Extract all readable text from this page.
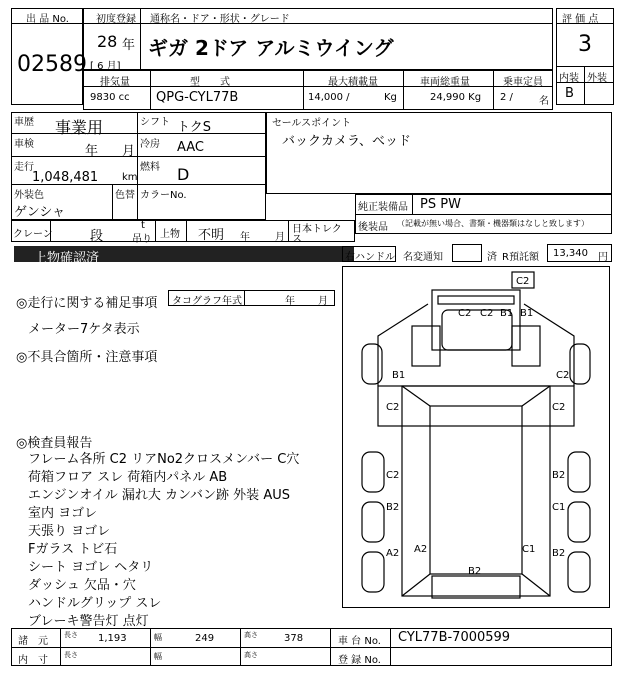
出 品 No.
02589
初度登録 通称名・ドア・形状・グレード
28 年
[ 6 月]
ギガ 2ドア アルミウイング
評 価 点
3
内装 外装
B
排気量
9830 cc
型　　式
QPG-CYL77B
最大積載量
14,000 /	Kg
車両総重量
24,990 Kg
乗車定員
2 /	名
車歴 事業用	シフト トクS
車検	年 月 冷房 AAC
走行
1,048,481 km
燃料 D
外装色
ゲンシャ
色替 カラーNo.
セールスポイント
バックカメラ、ベッド
純正装備品 PS PW
後装品 （記載が無い場合、書類・機器類はなしと致します）
クレーン	段
t
吊り 上物 不明 年	月
日本トレク
ス
上物確認済	右ハンドル 名変通知	済 R預託額 13,340 円
◎走行に関する補足事項 タコグラフ年式	年 月
メーター7ケタ表示
◎不具合箇所・注意事項
◎検査員報告
フレーム各所 C2 リアNo2クロスメンバー C穴
荷箱フロア スレ 荷箱内パネル AB
エンジンオイル 漏れ大 カンバン跡 外装 AUS
室内 ヨゴレ
天張り ヨゴレ
Fガラス トビ石
シート ヨゴレ ヘタリ
ダッシュ 欠品・穴
ハンドルグリップ スレ
ブレーキ警告灯 点灯
C2
C2 C2 B1 B1
B1	C2
C2	C2
C2	B2
B2	C1
A2 A2	C1 B2
B2
諸　元
長さ 1,193	幅	249	高さ	378	車 台 No. CYL77B-7000599
内　寸 長さ	幅	高さ	登 録 No.
